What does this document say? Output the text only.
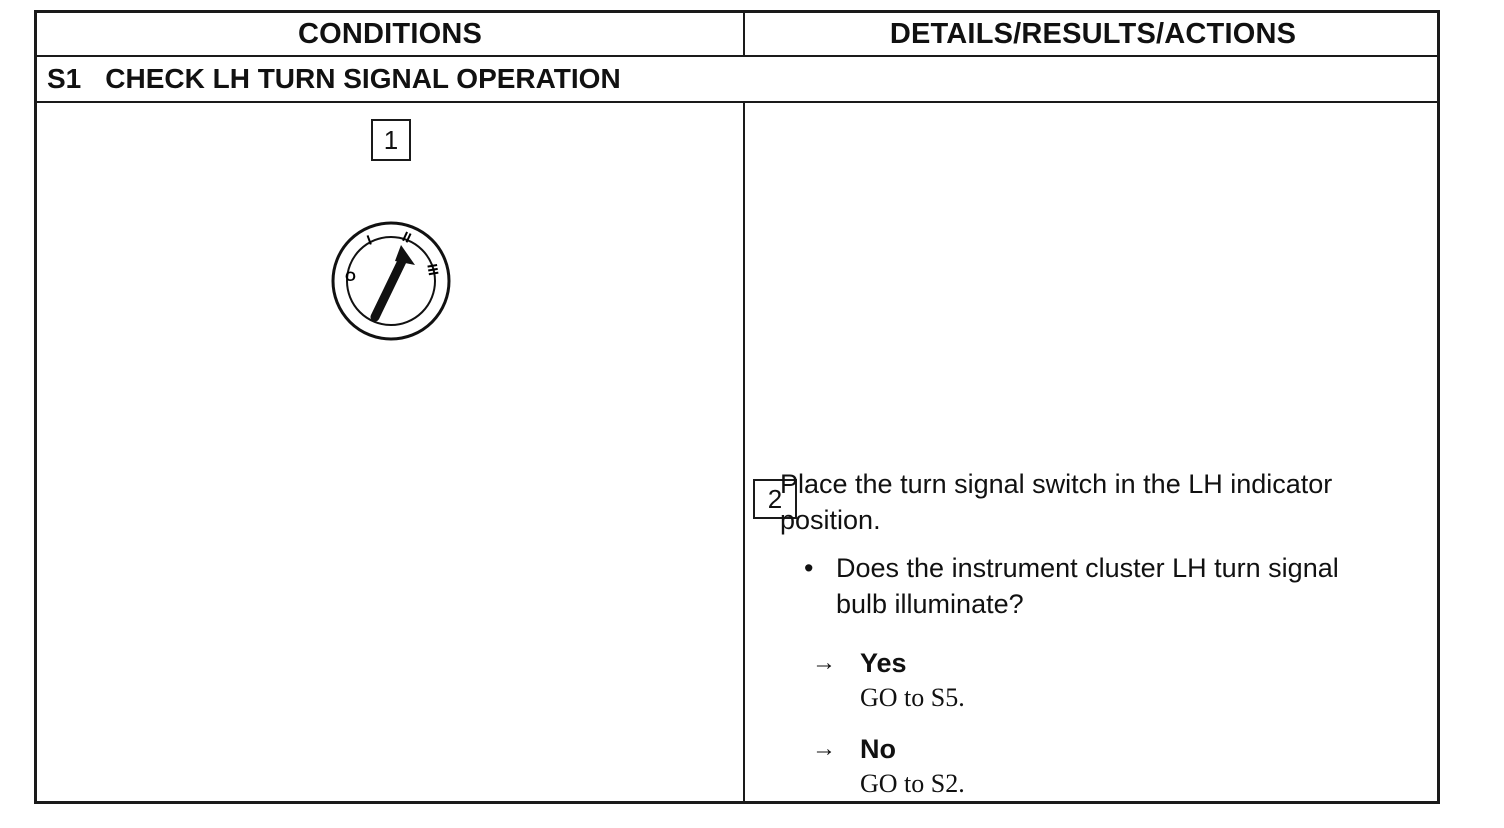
CONDITIONS	DETAILS/RESULTS/ACTIONS
S1 CHECK LH TURN SIGNAL OPERATION
1
O
I II
III
2
Place the turn signal switch in the LH indicator position.
• Does the instrument cluster LH turn signal bulb illuminate?
→ Yes
GO to S5.
→ No
GO to S2.
